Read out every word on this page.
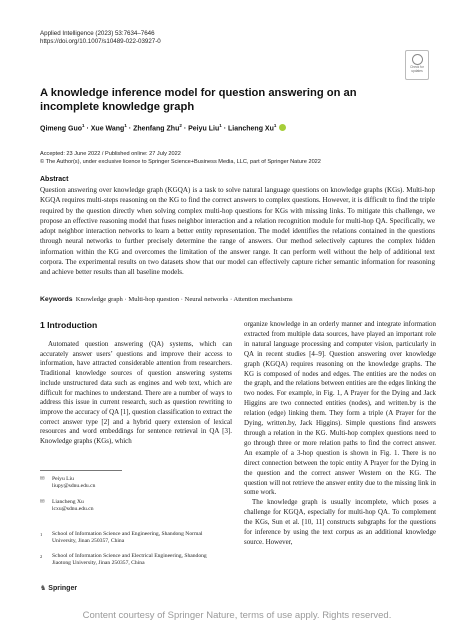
Applied Intelligence (2023) 53:7634–7646
https://doi.org/10.1007/s10489-022-03927-0
Check for
updates
A knowledge inference model for question answering on an incomplete knowledge graph
Qimeng Guo$^1$ · Xue Wang$^1$ · Zhenfang Zhu$^2$ · Peiyu Liu$^1$ · Liancheng Xu$^1$
Accepted: 23 June 2022 / Published online: 27 July 2022
© The Author(s), under exclusive licence to Springer Science+Business Media, LLC, part of Springer Nature 2022
Abstract
Question answering over knowledge graph (KGQA) is a task to solve natural language questions on knowledge graphs (KGs). Multi-hop KGQA requires multi-steps reasoning on the KG to find the correct answers to complex questions. However, it is difficult to find the triple required by the question directly when solving complex multi-hop questions for KGs with missing links. To mitigate this challenge, we propose an effective reasoning model that fuses neighbor interaction and a relation recognition module for multi-hop QA. Specifically, we adopt neighbor interaction networks to learn a better entity representation. The model identifies the relations contained in the questions through neural networks to further precisely determine the range of answers. Our method selectively captures the complex hidden information within the KG and overcomes the limitation of the answer range. It can perform well without the help of additional text corpora. The experimental results on two datasets show that our model can effectively capture richer semantic information for reasoning and achieve better results than all baseline models.
Keywords Knowledge graph · Multi-hop question · Neural networks · Attention mechanisms
1 Introduction

Automated question answering (QA) systems, which can accurately answer users’ questions and improve their access to information, have attracted considerable attention from researchers. Traditional knowledge sources of question answering systems include unstructured data such as engines and web text, which are difficult for machines to understand. There are a number of ways to address this issue in current research, such as question rewriting to improve the accuracy of QA [1], question classification to extract the correct answer type [2] and a hybrid query extension of lexical resources and word embeddings for sentence retrieval in QA [3]. Knowledge graphs (KGs), which

organize knowledge in an orderly manner and integrate information extracted from multiple data sources, have played an important role in natural language processing and computer vision, particularly in QA in recent studies [4–9]. Question answering over knowledge graph (KGQA) requires reasoning on the knowledge graphs. The KG is composed of nodes and edges. The entities are the nodes on the graph, and the relations between entities are the edges linking the two nodes. For example, in Fig. 1, A Prayer for the Dying and Jack Higgins are two connected entities (nodes), and written.by is the relation (edge) linking them. They form a triple (A Prayer for the Dying, written.by, Jack Higgins). Simple questions find answers through a relation in the KG. Multi-hop complex questions need to go through three or more relation paths to find the correct answer. An example of a 3-hop question is shown in Fig. 1. There is no direct connection between the topic entity A Prayer for the Dying in the question and the correct answer Western on the KG. The question will not retrieve the answer entity due to the missing link in some work.

The knowledge graph is usually incomplete, which poses a challenge for KGQA, especially for multi-hop QA. To complement the KGs, Sun et al. [10, 11] constructs subgraphs for the questions for inference by using the text corpus as an additional knowledge source. However,

✉	Peiyu Liu
liupy@sdnu.edu.cn
✉	Liancheng Xu
lcxu@sdnu.edu.cn
1 School of Information Science and Engineering, Shandong Normal University, Jinan 250357, China
2 School of Information Science and Electrical Engineering, Shandong Jiaotong University, Jinan 250357, China
♞ Springer
Content courtesy of Springer Nature, terms of use apply. Rights reserved.
